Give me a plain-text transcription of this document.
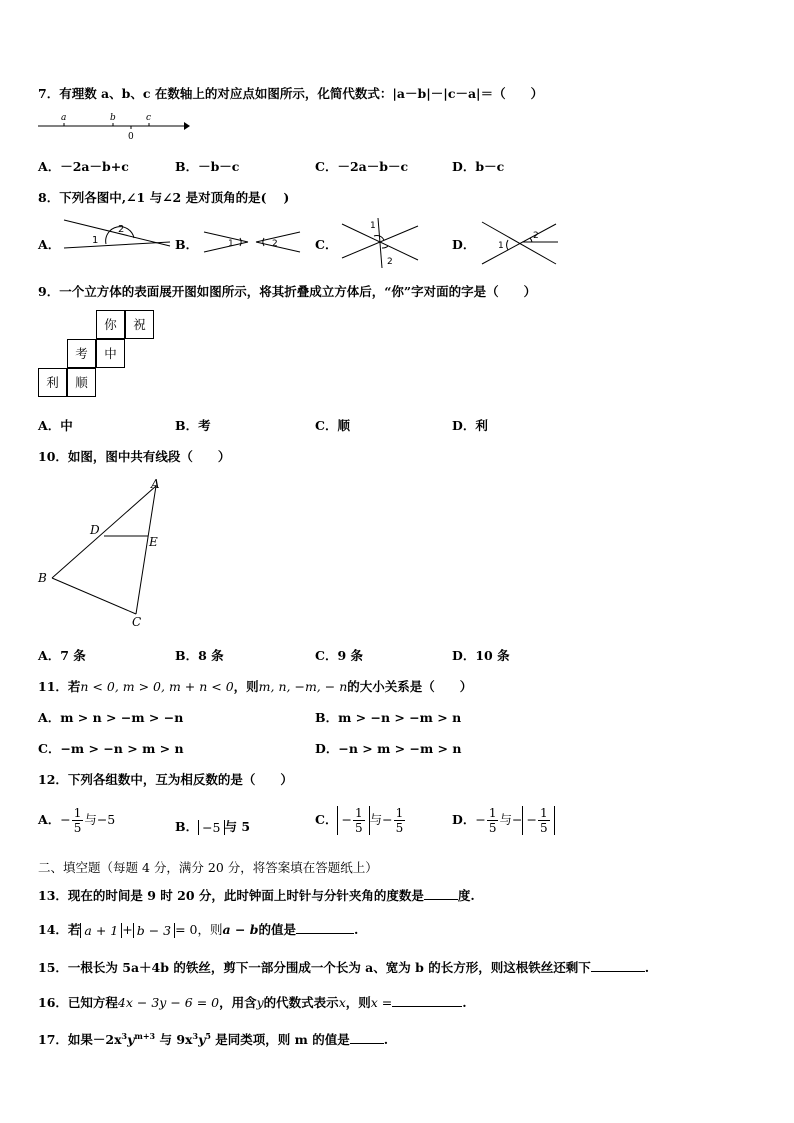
7．有理数 a、b、c 在数轴上的对应点如图所示，化简代数式：|a－b|－|c－a|＝（　　）
a	b	c
0
A．－2a－b+c	B．－b－c	C．－2a－b－c	D．b－c
8．下列各图中,∠1 与∠2 是对顶角的是(　 )
A．	1
2
B．	1	2	C．
1
2
D．	1
2
9．一个立方体的表面展开图如图所示，将其折叠成立方体后，“你”字对面的字是（　　）
你	祝
考	中
利	顺
A．中	B．考	C．顺	D．利
10．如图，图中共有线段（　　）
A
D
E
B
C
A．7 条	B．8 条	C．9 条	D．10 条
11．若n < 0, m > 0, m + n < 0，则m, n, −m, − n的大小关系是（　　）
A．m > n > −m > −n	B．m > −n > −m > n
C．−m > −n > m > n	D．−n > m > −m > n
12．下列各组数中，互为相反数的是（　　）
A．− $\frac{1}{5}$ 与−5	B． −5 与 5	C． − $\frac{1}{5}$ 与− $\frac{1}{5}$	D．− $\frac{1}{5}$ 与− − $\frac{1}{5}$
二、填空题（每题 4 分，满分 20 分，将答案填在答题纸上）
13．现在的时间是 9 时 20 分，此时钟面上时针与分针夹角的度数是	度.
14．若 a + 1 + b − 3 = 0，则a − b的值是	.
15．一根长为 5a＋4b 的铁丝，剪下一部分围成一个长为 a、宽为 b 的长方形，则这根铁丝还剩下	.
16．已知方程4x − 3y − 6 = 0，用含y的代数式表示x，则x =	.
17．如果$-2x^3y^{m+3}$ 与 $9x^3y^5$ 是同类项，则 m 的值是	.
